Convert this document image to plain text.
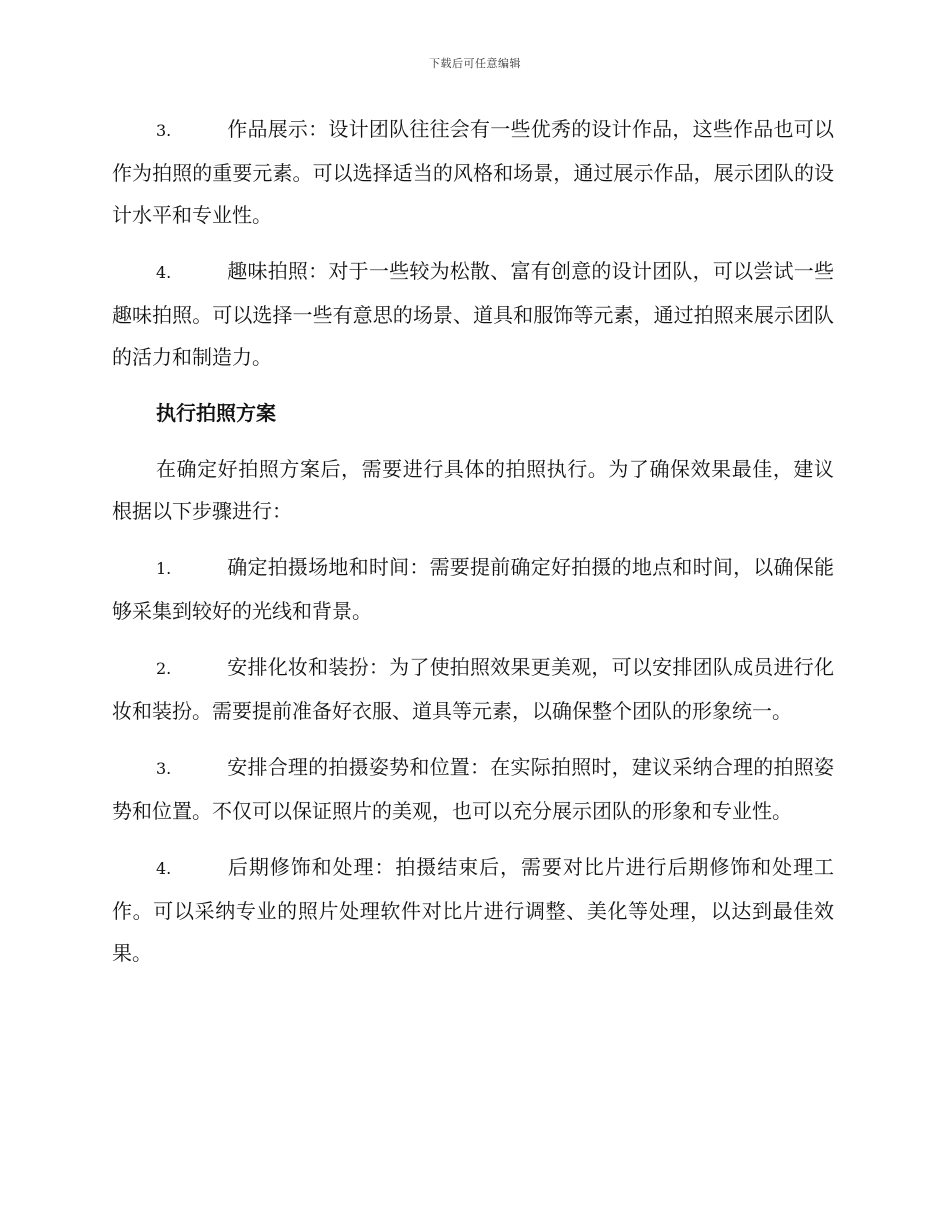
下载后可任意编辑

3.	作品展示：设计团队往往会有一些优秀的设计作品，这些作品也可以作为拍照的重要元素。可以选择适当的风格和场景，通过展示作品，展示团队的设计水平和专业性。

4.	趣味拍照：对于一些较为松散、富有创意的设计团队，可以尝试一些趣味拍照。可以选择一些有意思的场景、道具和服饰等元素，通过拍照来展示团队的活力和制造力。

执行拍照方案

在确定好拍照方案后，需要进行具体的拍照执行。为了确保效果最佳，建议根据以下步骤进行：

1.	确定拍摄场地和时间：需要提前确定好拍摄的地点和时间，以确保能够采集到较好的光线和背景。

2.	安排化妆和装扮：为了使拍照效果更美观，可以安排团队成员进行化妆和装扮。需要提前准备好衣服、道具等元素，以确保整个团队的形象统一。

3.	安排合理的拍摄姿势和位置：在实际拍照时，建议采纳合理的拍照姿势和位置。不仅可以保证照片的美观，也可以充分展示团队的形象和专业性。

4.	后期修饰和处理：拍摄结束后，需要对比片进行后期修饰和处理工作。可以采纳专业的照片处理软件对比片进行调整、美化等处理，以达到最佳效果。
